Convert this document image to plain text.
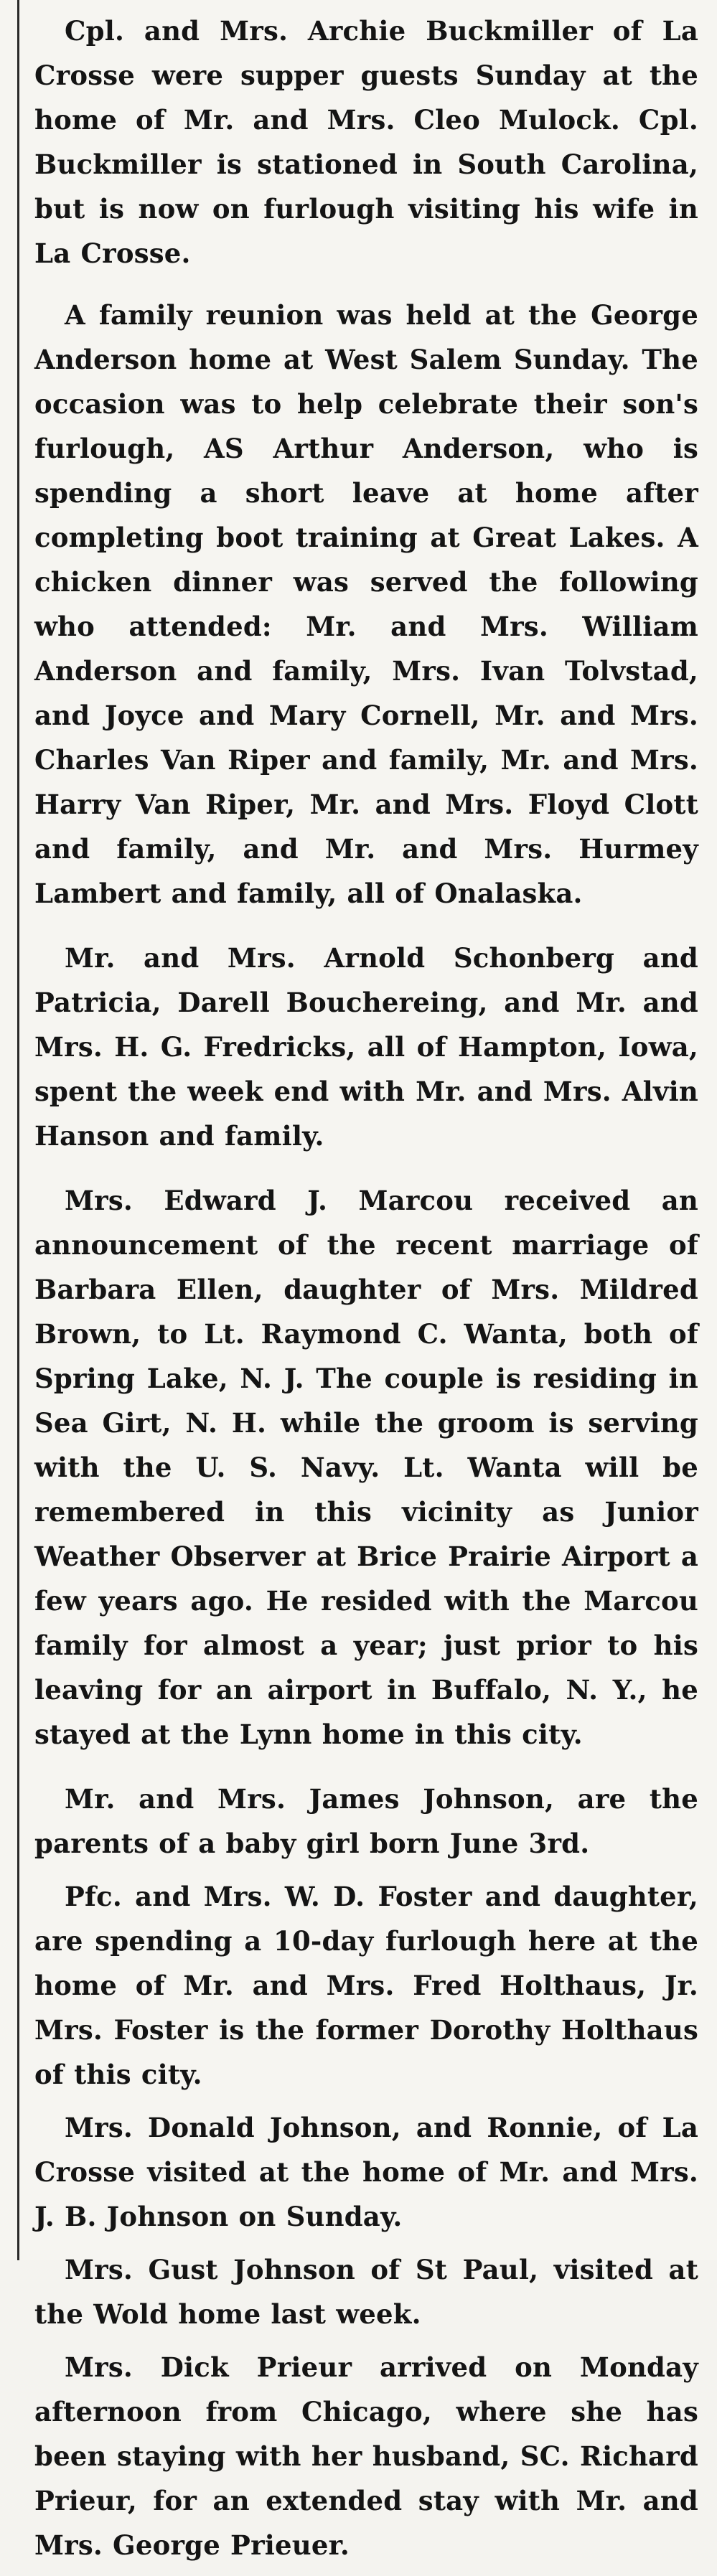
Cpl. and Mrs. Archie Buckmiller of La Crosse were supper guests Sunday at the home of Mr. and Mrs. Cleo Mulock. Cpl. Buckmiller is stationed in South Carolina, but is now on furlough visiting his wife in La Crosse.

A family reunion was held at the George Anderson home at West Salem Sunday. The occasion was to help celebrate their son's furlough, AS Arthur Anderson, who is spending a short leave at home after completing boot training at Great Lakes. A chicken dinner was served the following who attended: Mr. and Mrs. William Anderson and family, Mrs. Ivan Tolvstad, and Joyce and Mary Cornell, Mr. and Mrs. Charles Van Riper and family, Mr. and Mrs. Harry Van Riper, Mr. and Mrs. Floyd Clott and family, and Mr. and Mrs. Hurmey Lambert and family, all of Onalaska.

Mr. and Mrs. Arnold Schonberg and Patricia, Darell Bouchereing, and Mr. and Mrs. H. G. Fredricks, all of Hampton, Iowa, spent the week end with Mr. and Mrs. Alvin Hanson and family.

Mrs. Edward J. Marcou received an announcement of the recent marriage of Barbara Ellen, daughter of Mrs. Mildred Brown, to Lt. Raymond C. Wanta, both of Spring Lake, N. J. The couple is residing in Sea Girt, N. H. while the groom is serving with the U. S. Navy. Lt. Wanta will be remembered in this vicinity as Junior Weather Observer at Brice Prairie Airport a few years ago. He resided with the Marcou family for almost a year; just prior to his leaving for an airport in Buffalo, N. Y., he stayed at the Lynn home in this city.

Mr. and Mrs. James Johnson, are the parents of a baby girl born June 3rd.

Pfc. and Mrs. W. D. Foster and daughter, are spending a 10-day furlough here at the home of Mr. and Mrs. Fred Holthaus, Jr. Mrs. Foster is the former Dorothy Holthaus of this city.

Mrs. Donald Johnson, and Ronnie, of La Crosse visited at the home of Mr. and Mrs. J. B. Johnson on Sunday.

Mrs. Gust Johnson of St Paul, visited at the Wold home last week.

Mrs. Dick Prieur arrived on Monday afternoon from Chicago, where she has been staying with her husband, SC. Richard Prieur, for an extended stay with Mr. and Mrs. George Prieuer.
